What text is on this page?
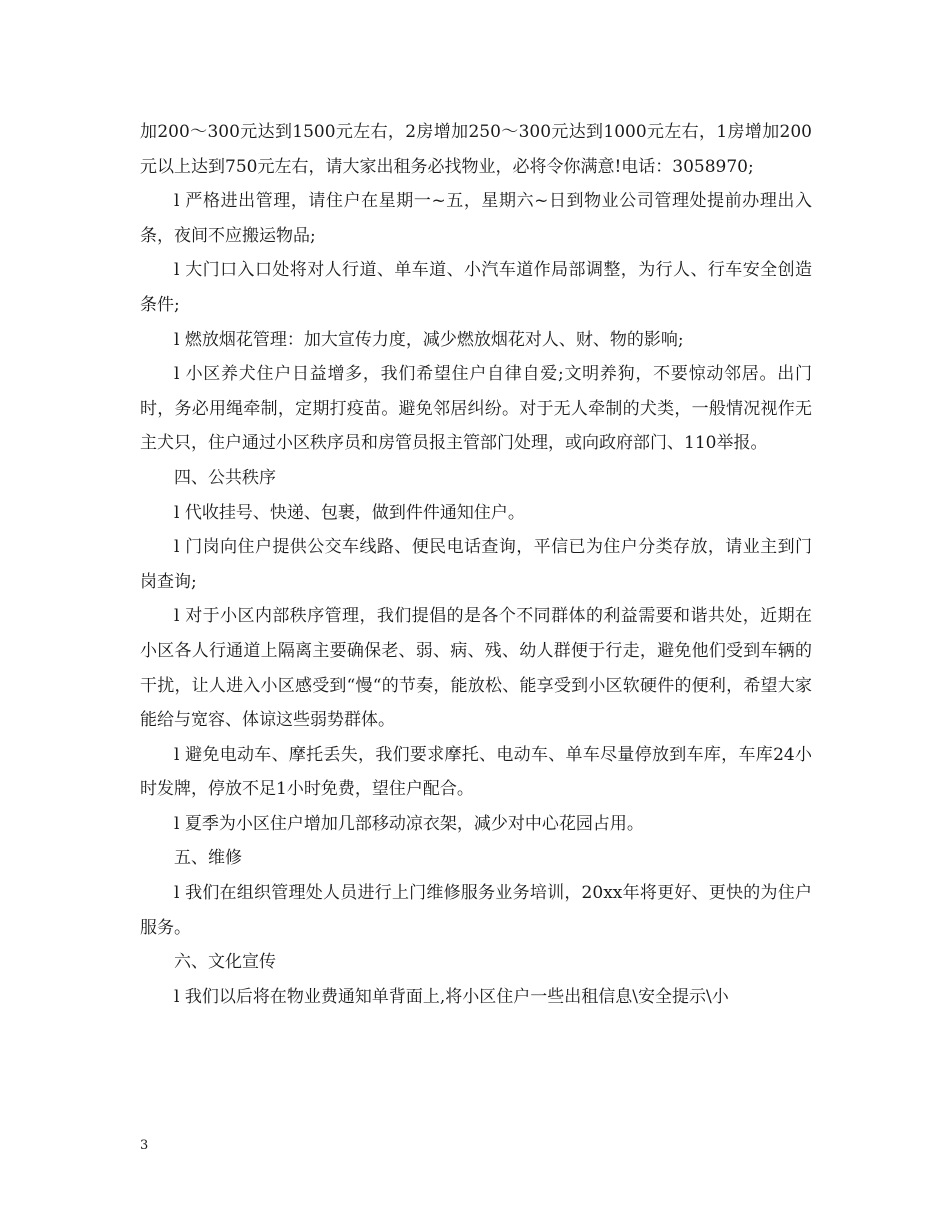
加200～300元达到1500元左右，2房增加250～300元达到1000元左右，1房增加200元以上达到750元左右，请大家出租务必找物业，必将令你满意!电话：3058970;

l 严格进出管理，请住户在星期一~五，星期六~日到物业公司管理处提前办理出入条，夜间不应搬运物品;

l 大门口入口处将对人行道、单车道、小汽车道作局部调整，为行人、行车安全创造条件;

l 燃放烟花管理：加大宣传力度，减少燃放烟花对人、财、物的影响;

l 小区养犬住户日益增多，我们希望住户自律自爱;文明养狗，不要惊动邻居。出门时，务必用绳牵制，定期打疫苗。避免邻居纠纷。对于无人牵制的犬类，一般情况视作无主犬只，住户通过小区秩序员和房管员报主管部门处理，或向政府部门、110举报。

四、公共秩序

l 代收挂号、快递、包裹，做到件件通知住户。

l 门岗向住户提供公交车线路、便民电话查询，平信已为住户分类存放，请业主到门岗查询;

l 对于小区内部秩序管理，我们提倡的是各个不同群体的利益需要和谐共处，近期在小区各人行通道上隔离主要确保老、弱、病、残、幼人群便于行走，避免他们受到车辆的干扰，让人进入小区感受到“慢“的节奏，能放松、能享受到小区软硬件的便利，希望大家能给与宽容、体谅这些弱势群体。

l 避免电动车、摩托丢失，我们要求摩托、电动车、单车尽量停放到车库，车库24小时发牌，停放不足1小时免费，望住户配合。

l 夏季为小区住户增加几部移动凉衣架，减少对中心花园占用。

五、维修

l 我们在组织管理处人员进行上门维修服务业务培训，20xx年将更好、更快的为住户服务。

六、文化宣传

l 我们以后将在物业费通知单背面上,将小区住户一些出租信息\安全提示\小

3
